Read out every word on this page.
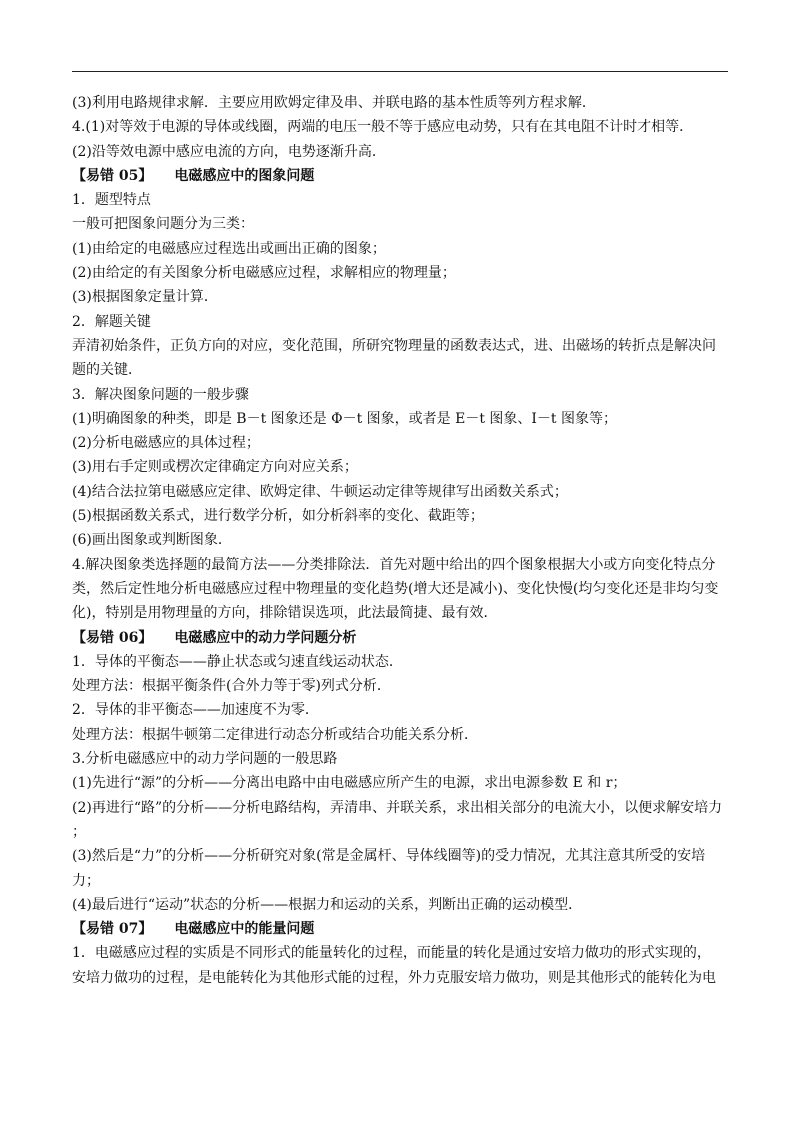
(3)利用电路规律求解．主要应用欧姆定律及串、并联电路的基本性质等列方程求解．
4.(1)对等效于电源的导体或线圈，两端的电压一般不等于感应电动势，只有在其电阻不计时才相等．
(2)沿等效电源中感应电流的方向，电势逐渐升高．
【易错 05】 电磁感应中的图象问题
1．题型特点
一般可把图象问题分为三类：
(1)由给定的电磁感应过程选出或画出正确的图象；
(2)由给定的有关图象分析电磁感应过程，求解相应的物理量；
(3)根据图象定量计算．
2．解题关键
弄清初始条件，正负方向的对应，变化范围，所研究物理量的函数表达式，进、出磁场的转折点是解决问
题的关键．
3．解决图象问题的一般步骤
(1)明确图象的种类，即是 B－t 图象还是 Φ－t 图象，或者是 E－t 图象、I－t 图象等；
(2)分析电磁感应的具体过程；
(3)用右手定则或楞次定律确定方向对应关系；
(4)结合法拉第电磁感应定律、欧姆定律、牛顿运动定律等规律写出函数关系式；
(5)根据函数关系式，进行数学分析，如分析斜率的变化、截距等；
(6)画出图象或判断图象．
4.解决图象类选择题的最简方法——分类排除法．首先对题中给出的四个图象根据大小或方向变化特点分
类，然后定性地分析电磁感应过程中物理量的变化趋势(增大还是减小)、变化快慢(均匀变化还是非均匀变
化)，特别是用物理量的方向，排除错误选项，此法最简捷、最有效．
【易错 06】 电磁感应中的动力学问题分析
1．导体的平衡态——静止状态或匀速直线运动状态．
处理方法：根据平衡条件(合外力等于零)列式分析．
2．导体的非平衡态——加速度不为零．
处理方法：根据牛顿第二定律进行动态分析或结合功能关系分析．
3.分析电磁感应中的动力学问题的一般思路
(1)先进行“源”的分析——分离出电路中由电磁感应所产生的电源，求出电源参数 E 和 r；
(2)再进行“路”的分析——分析电路结构，弄清串、并联关系，求出相关部分的电流大小，以便求解安培力
；
(3)然后是“力”的分析——分析研究对象(常是金属杆、导体线圈等)的受力情况，尤其注意其所受的安培
力；
(4)最后进行“运动”状态的分析——根据力和运动的关系，判断出正确的运动模型．
【易错 07】 电磁感应中的能量问题
1．电磁感应过程的实质是不同形式的能量转化的过程，而能量的转化是通过安培力做功的形式实现的，
安培力做功的过程，是电能转化为其他形式能的过程，外力克服安培力做功，则是其他形式的能转化为电
